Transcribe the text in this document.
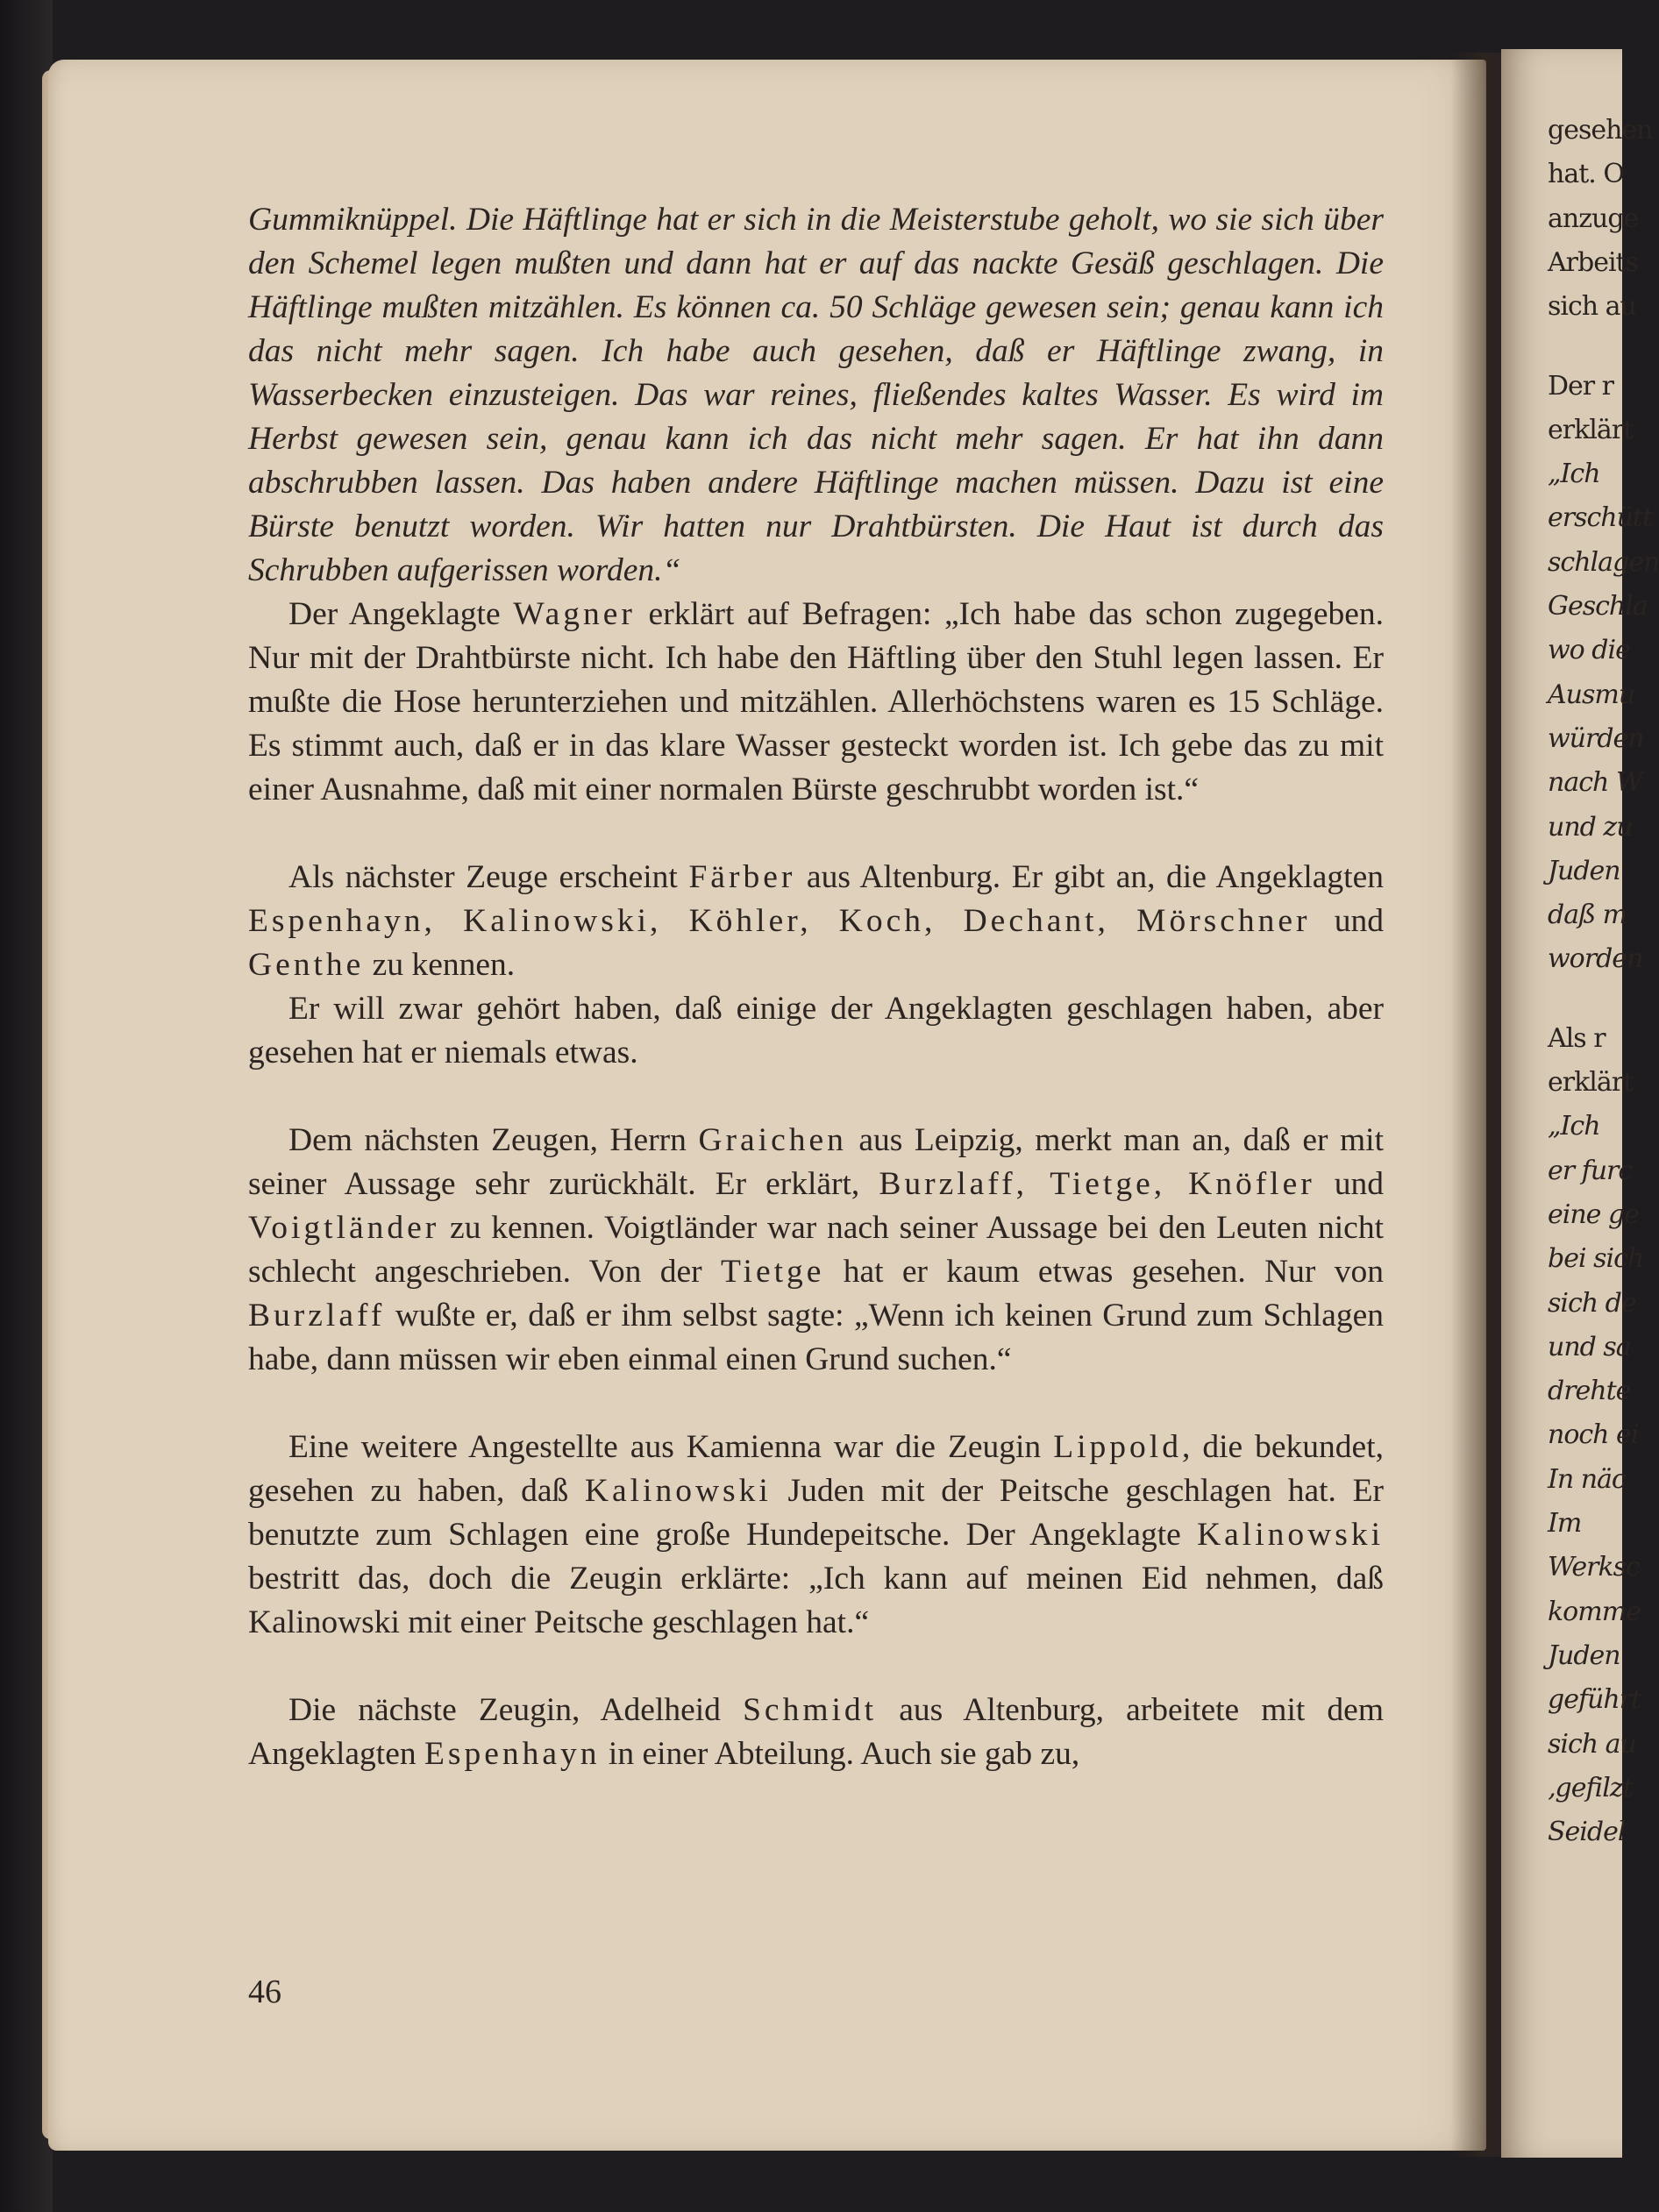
gesehen
hat. O
anzuge
Arbeits
sich au
Der r
erklärt
„Ich
erschütt
schlagen
Geschla
wo die
Ausmu
würden
nach W
und zu
Juden
daß m
worden
Als r
erklärt
„Ich
er furc
eine ge
bei sich
sich de
und sa
drehte
noch ei
In näc
Im
Werksc
komme
Juden
geführt
sich au
‚gefilzt
Seidel

Gummiknüppel. Die Häftlinge hat er sich in die Meisterstube geholt, wo sie sich über den Schemel legen mußten und dann hat er auf das nackte Gesäß geschlagen. Die Häftlinge mußten mitzählen. Es können ca. 50 Schläge gewesen sein; genau kann ich das nicht mehr sagen. Ich habe auch gesehen, daß er Häftlinge zwang, in Wasserbecken einzusteigen. Das war reines, fließendes kaltes Wasser. Es wird im Herbst gewesen sein, genau kann ich das nicht mehr sagen. Er hat ihn dann abschrubben lassen. Das haben andere Häftlinge machen müssen. Dazu ist eine Bürste benutzt worden. Wir hatten nur Drahtbürsten. Die Haut ist durch das Schrubben aufgerissen worden.“

Der Angeklagte Wagner erklärt auf Befragen: „Ich habe das schon zugegeben. Nur mit der Drahtbürste nicht. Ich habe den Häftling über den Stuhl legen lassen. Er mußte die Hose herunterziehen und mitzählen. Allerhöchstens waren es 15 Schläge. Es stimmt auch, daß er in das klare Wasser gesteckt worden ist. Ich gebe das zu mit einer Ausnahme, daß mit einer normalen Bürste geschrubbt worden ist.“

Als nächster Zeuge erscheint Färber aus Altenburg. Er gibt an, die Angeklagten Espenhayn, Kalinowski, Köhler, Koch, Dechant, Mörschner und Genthe zu kennen.

Er will zwar gehört haben, daß einige der Angeklagten geschlagen haben, aber gesehen hat er niemals etwas.

Dem nächsten Zeugen, Herrn Graichen aus Leipzig, merkt man an, daß er mit seiner Aussage sehr zurückhält. Er erklärt, Burzlaff, Tietge, Knöfler und Voigtländer zu kennen. Voigtländer war nach seiner Aussage bei den Leuten nicht schlecht angeschrieben. Von der Tietge hat er kaum etwas gesehen. Nur von Burzlaff wußte er, daß er ihm selbst sagte: „Wenn ich keinen Grund zum Schlagen habe, dann müssen wir eben einmal einen Grund suchen.“

Eine weitere Angestellte aus Kamienna war die Zeugin Lippold, die bekundet, gesehen zu haben, daß Kalinowski Juden mit der Peitsche geschlagen hat. Er benutzte zum Schlagen eine große Hundepeitsche. Der Angeklagte Kalinowski bestritt das, doch die Zeugin erklärte: „Ich kann auf meinen Eid nehmen, daß Kalinowski mit einer Peitsche geschlagen hat.“

Die nächste Zeugin, Adelheid Schmidt aus Altenburg, arbeitete mit dem Angeklagten Espenhayn in einer Abteilung. Auch sie gab zu,

46
